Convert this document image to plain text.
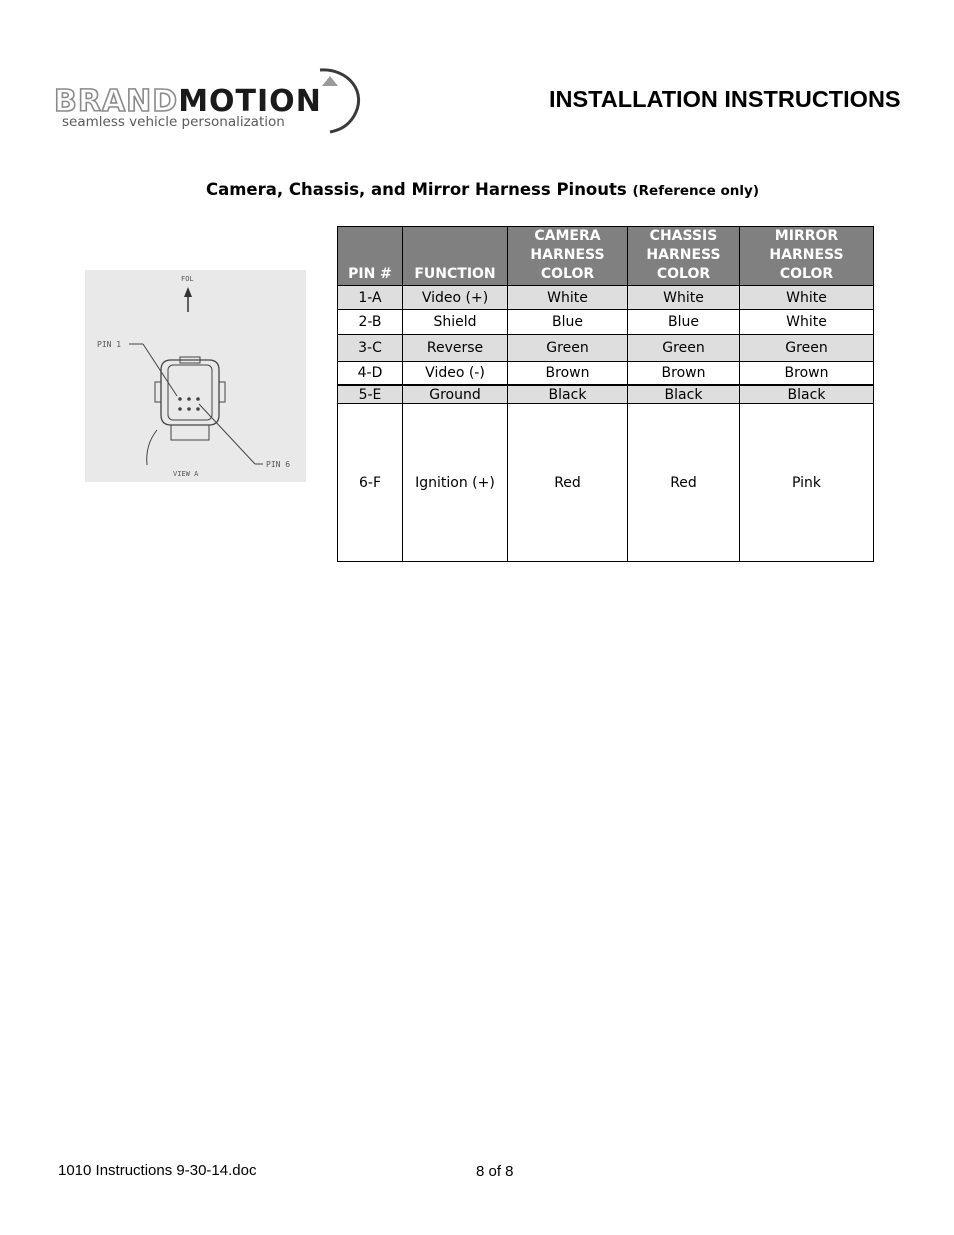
BRANDMOTION
seamless vehicle personalization
INSTALLATION INSTRUCTIONS
Camera, Chassis, and Mirror Harness Pinouts (Reference only)
FOL
PIN 1
PIN 6
VIEW A
PIN #	FUNCTION	CAMERA
HARNESS
COLOR	CHASSIS
HARNESS
COLOR	MIRROR
HARNESS
COLOR
1-A	Video (+)	White	White	White
2-B	Shield	Blue	Blue	White
3-C	Reverse	Green	Green	Green
4-D	Video (-)	Brown	Brown	Brown
5-E	Ground	Black	Black	Black
6-F	Ignition (+)	Red	Red	Pink
1010 Instructions 9-30-14.doc	8 of 8
